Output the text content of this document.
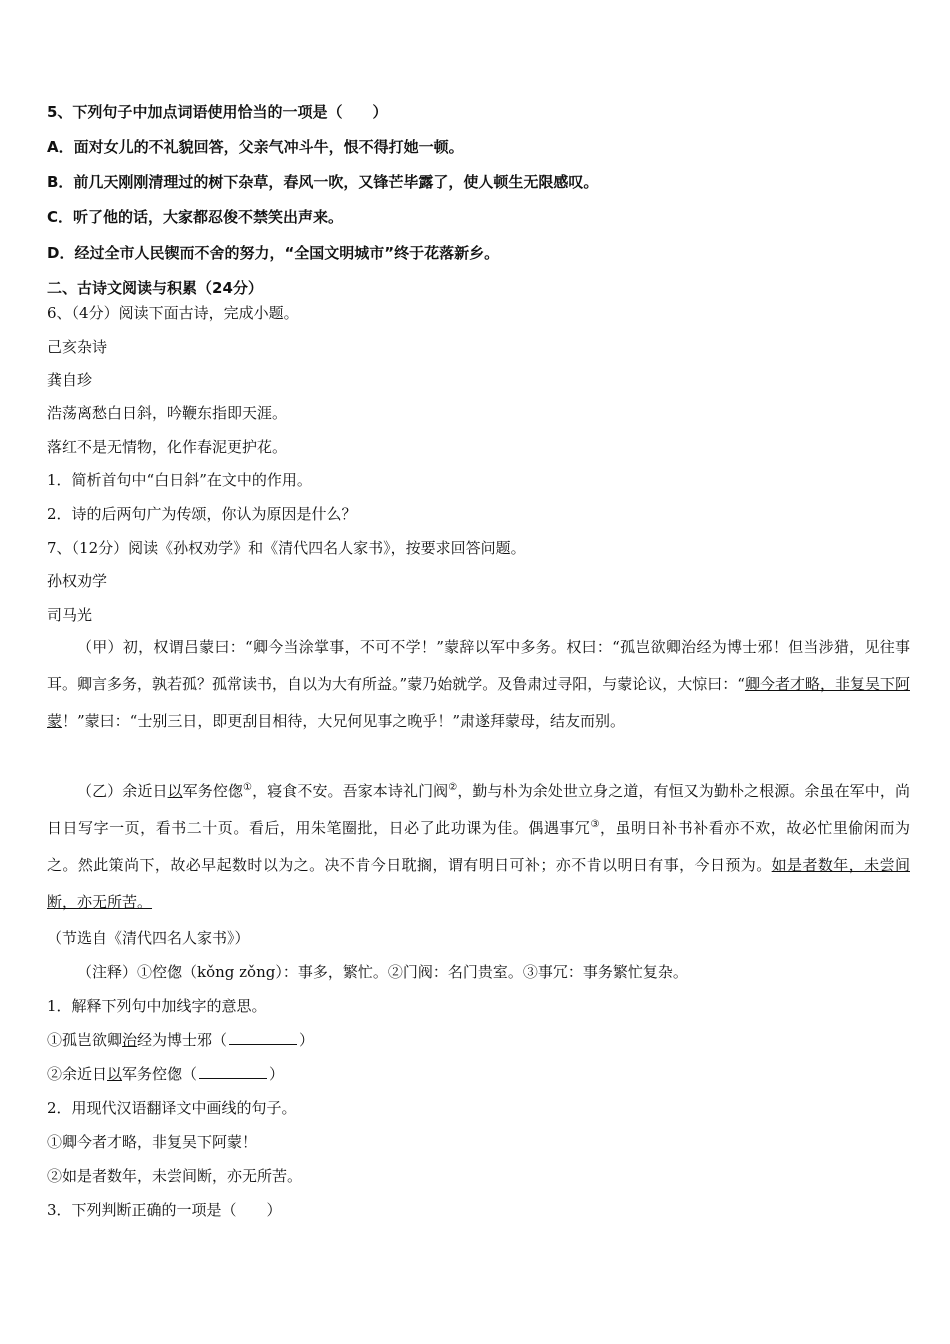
5、下列句子中加点词语使用恰当的一项是（　　）
A．面对女儿的不礼貌回答，父亲气冲斗牛，恨不得打她一顿。
B．前几天刚刚清理过的树下杂草，春风一吹，又锋芒毕露了，使人顿生无限感叹。
C．听了他的话，大家都忍俊不禁笑出声来。
D．经过全市人民锲而不舍的努力，“全国文明城市”终于花落新乡。
二、古诗文阅读与积累（24分）
6、（4分）阅读下面古诗，完成小题。
己亥杂诗
龚自珍
浩荡离愁白日斜，吟鞭东指即天涯。
落红不是无情物，化作春泥更护花。
1．简析首句中“白日斜”在文中的作用。
2．诗的后两句广为传颂，你认为原因是什么？
7、（12分）阅读《孙权劝学》和《清代四名人家书》，按要求回答问题。
孙权劝学
司马光
（甲）初，权谓吕蒙曰：“卿今当涂掌事，不可不学！”蒙辞以军中多务。权曰：“孤岂欲卿治经为博士邪！但当涉猎，见往事耳。卿言多务，孰若孤？孤常读书，自以为大有所益。”蒙乃始就学。及鲁肃过寻阳，与蒙论议，大惊曰：“卿今者才略，非复吴下阿蒙！”蒙曰：“士别三日，即更刮目相待，大兄何见事之晚乎！”肃遂拜蒙母，结友而别。
（乙）余近日以军务倥偬①，寝食不安。吾家本诗礼门阀②，勤与朴为余处世立身之道，有恒又为勤朴之根源。余虽在军中，尚日日写字一页，看书二十页。看后，用朱笔圈批，日必了此功课为佳。偶遇事冗③，虽明日补书补看亦不欢，故必忙里偷闲而为之。然此策尚下，故必早起数时以为之。决不肯今日耽搁，谓有明日可补；亦不肯以明日有事，今日预为。如是者数年，未尝间断，亦无所苦。
（节选自《清代四名人家书》）
（注释）①倥偬（kǒng zǒng）：事多，繁忙。②门阀：名门贵室。③事冗：事务繁忙复杂。
1．解释下列句中加线字的意思。
①孤岂欲卿治经为博士邪（	）
②余近日以军务倥偬（	）
2．用现代汉语翻译文中画线的句子。
①卿今者才略，非复吴下阿蒙！
②如是者数年，未尝间断，亦无所苦。
3．下列判断正确的一项是（　　）
